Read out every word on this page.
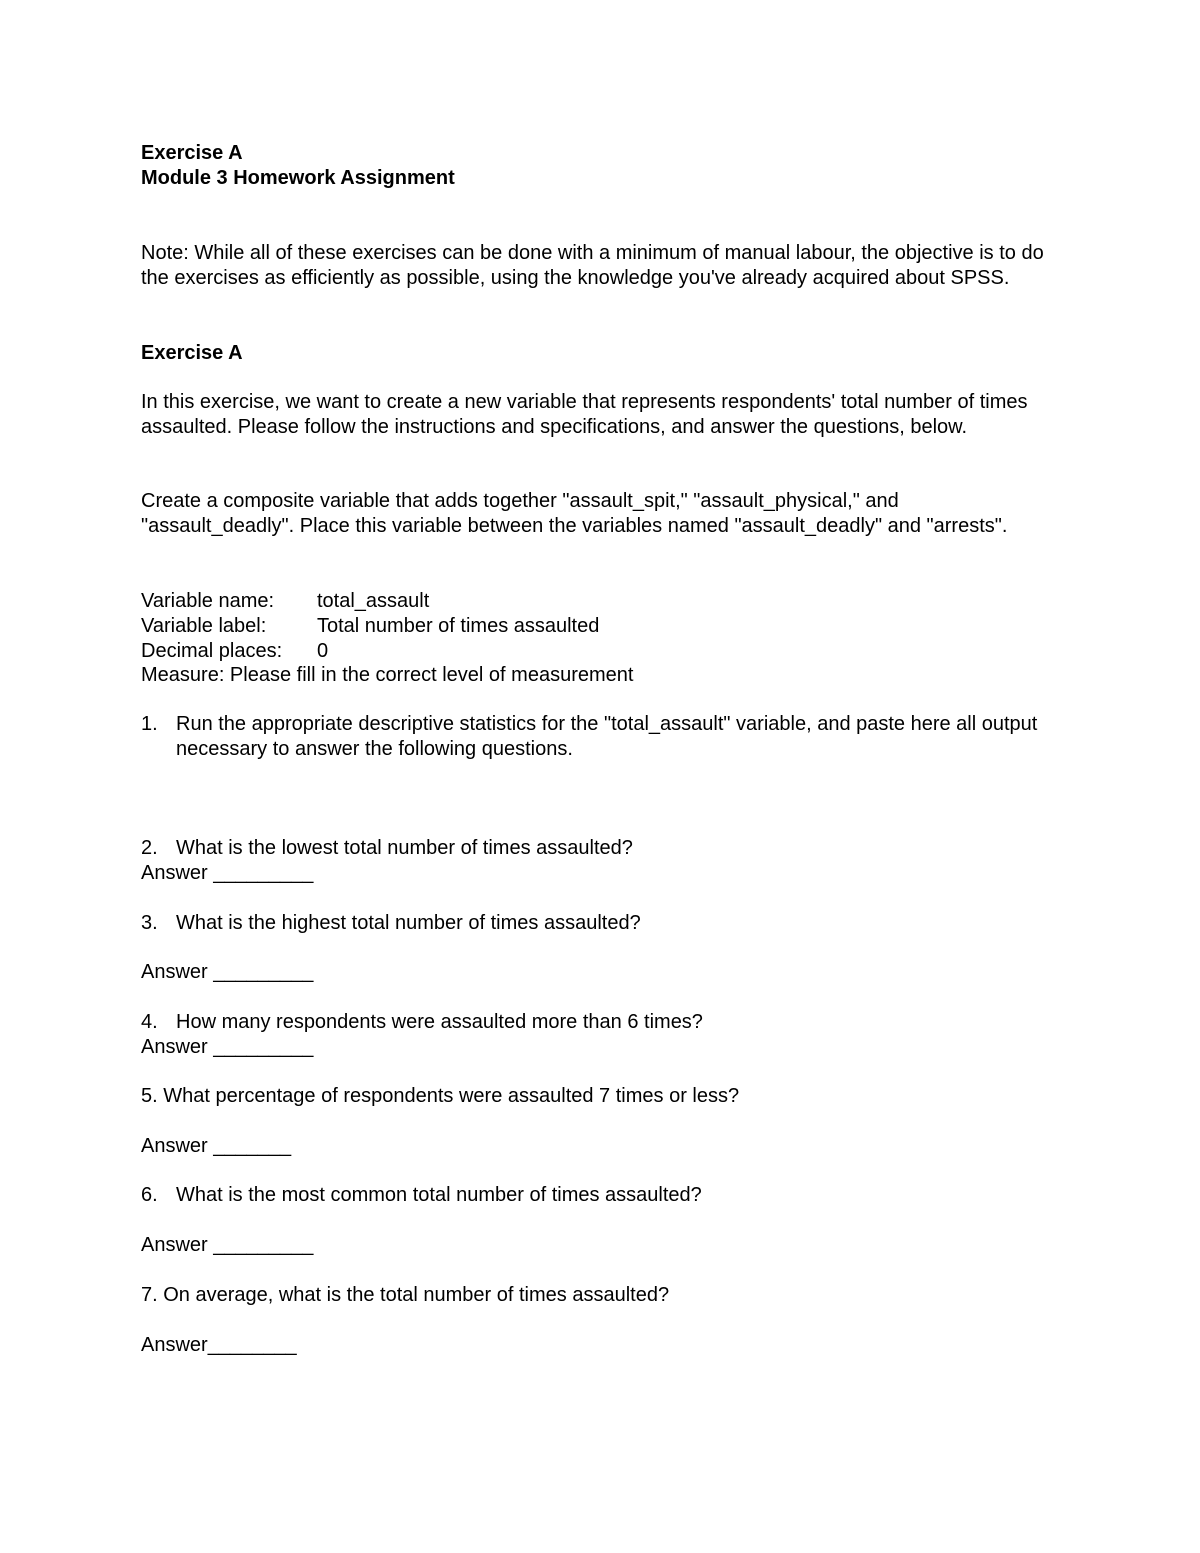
Exercise A
Module 3 Homework Assignment

Note: While all of these exercises can be done with a minimum of manual labour, the objective is to do the exercises as efficiently as possible, using the knowledge you've already acquired about SPSS.

Exercise A

In this exercise, we want to create a new variable that represents respondents' total number of times assaulted. Please follow the instructions and specifications, and answer the questions, below.

Create a composite variable that adds together "assault_spit," "assault_physical," and "assault_deadly". Place this variable between the variables named "assault_deadly" and "arrests".

Variable name:	total_assault
Variable label:	Total number of times assaulted
Decimal places:	0
Measure: Please fill in the correct level of measurement
1. Run the appropriate descriptive statistics for the "total_assault" variable, and paste here all output necessary to answer the following questions.
2. What is the lowest total number of times assaulted?
Answer _________
3. What is the highest total number of times assaulted?
Answer _________
4. How many respondents were assaulted more than 6 times?
Answer _________
5. What percentage of respondents were assaulted 7 times or less?
Answer _______
6. What is the most common total number of times assaulted?
Answer _________
7. On average, what is the total number of times assaulted?
Answer________
